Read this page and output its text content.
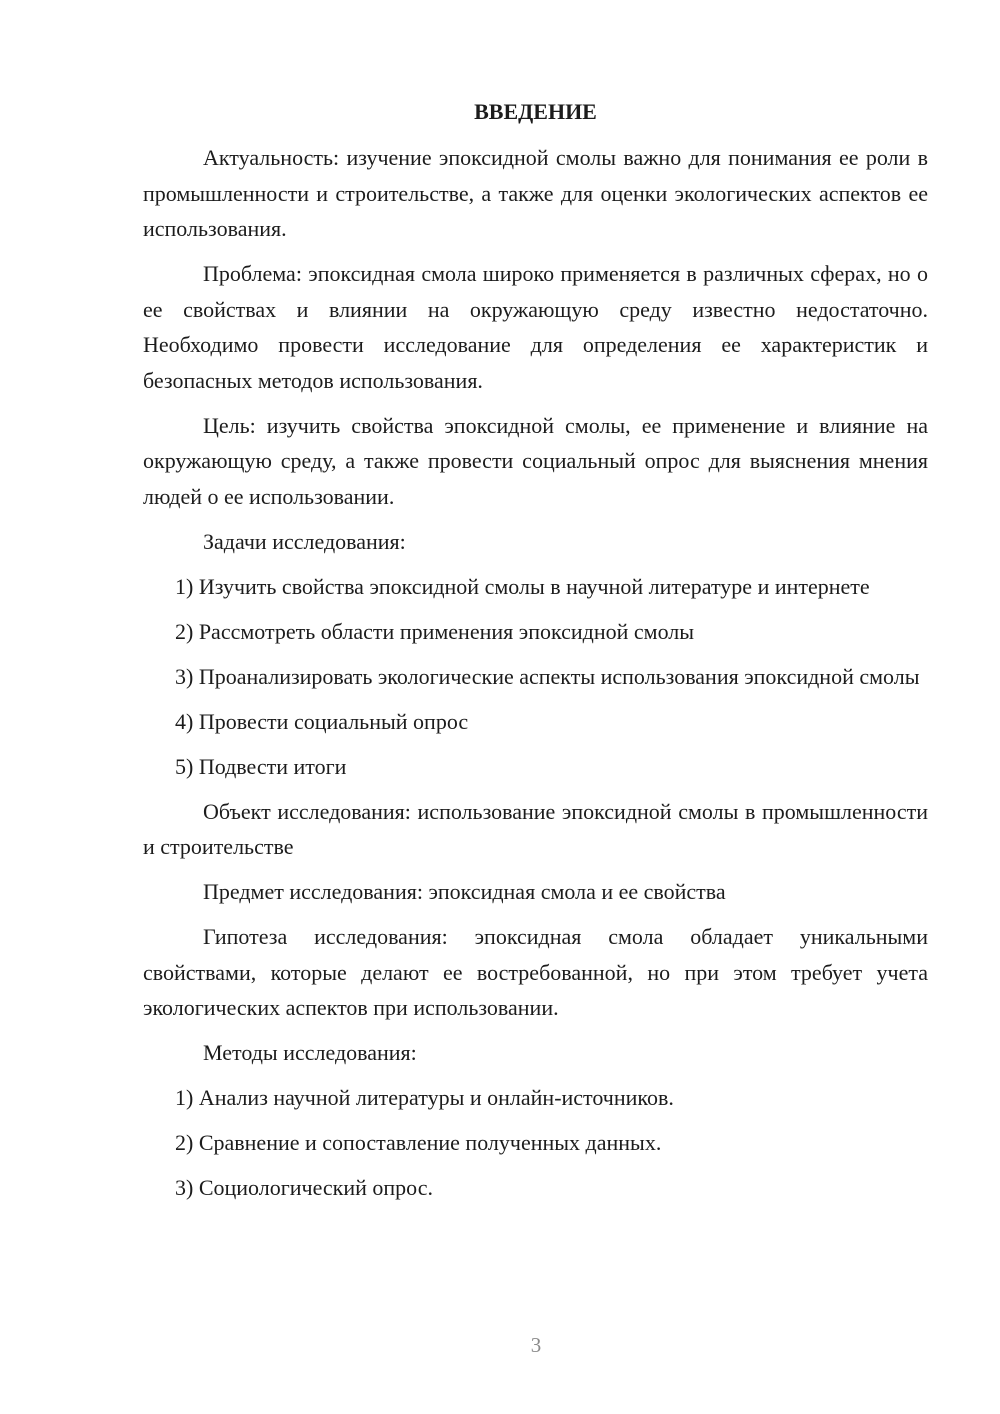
ВВЕДЕНИЕ

Актуальность: изучение эпоксидной смолы важно для понимания ее роли в промышленности и строительстве, а также для оценки экологических аспектов ее использования.

Проблема: эпоксидная смола широко применяется в различных сферах, но о ее свойствах и влиянии на окружающую среду известно недостаточно. Необходимо провести исследование для определения ее характеристик и безопасных методов использования.

Цель: изучить свойства эпоксидной смолы, ее применение и влияние на окружающую среду, а также провести социальный опрос для выяснения мнения людей о ее использовании.

Задачи исследования:

1) Изучить свойства эпоксидной смолы в научной литературе и интернете

2) Рассмотреть области применения эпоксидной смолы

3) Проанализировать экологические аспекты использования эпоксидной смолы

4) Провести социальный опрос

5) Подвести итоги

Объект исследования: использование эпоксидной смолы в промышленности и строительстве

Предмет исследования: эпоксидная смола и ее свойства

Гипотеза исследования: эпоксидная смола обладает уникальными свойствами, которые делают ее востребованной, но при этом требует учета экологических аспектов при использовании.

Методы исследования:

1) Анализ научной литературы и онлайн-источников.

2) Сравнение и сопоставление полученных данных.

3) Социологический опрос.

3
